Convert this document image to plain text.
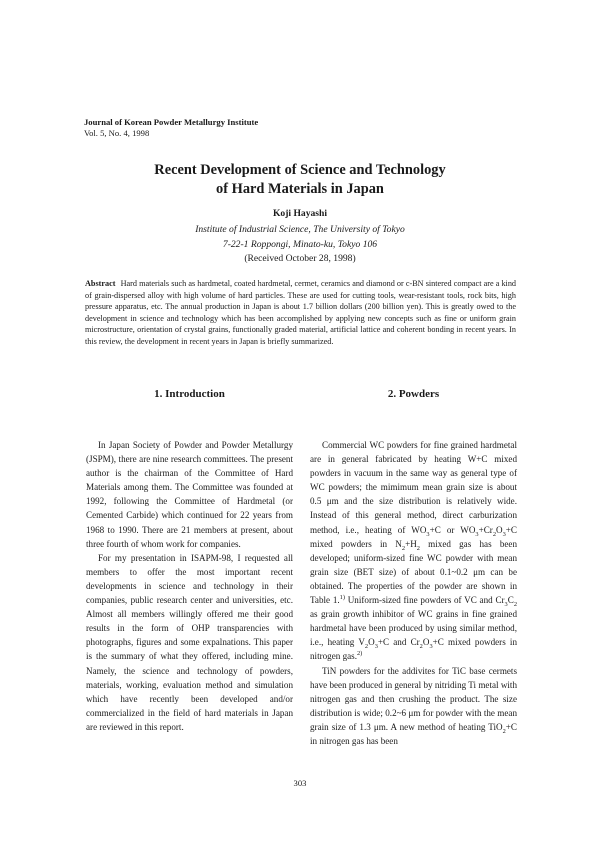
Journal of Korean Powder Metallurgy Institute
Vol. 5, No. 4, 1998
Recent Development of Science and Technology
of Hard Materials in Japan
Koji Hayashi
Institute of Industrial Science, The University of Tokyo
7-22-1 Roppongi, Minato-ku, Tokyo 106
(Received October 28, 1998)
Abstract Hard materials such as hardmetal, coated hardmetal, cermet, ceramics and diamond or c-BN sintered compact are a kind of grain-dispersed alloy with high volume of hard particles. These are used for cutting tools, wear-resistant tools, rock bits, high pressure apparatus, etc. The annual production in Japan is about 1.7 billion dollars (200 billion yen). This is greatly owed to the development in science and technology which has been accomplished by applying new concepts such as fine or uniform grain microstructure, orientation of crystal grains, functionally graded material, artificial lattice and coherent bonding in recent years. In this review, the development in recent years in Japan is briefly summarized.
1. Introduction	2. Powders

In Japan Society of Powder and Powder Metallurgy (JSPM), there are nine research committees. The present author is the chairman of the Committee of Hard Materials among them. The Committee was founded at 1992, following the Committee of Hardmetal (or Cemented Carbide) which continued for 22 years from 1968 to 1990. There are 21 members at present, about three fourth of whom work for companies.

For my presentation in ISAPM-98, I requested all members to offer the most important recent developments in science and technology in their companies, public research center and universities, etc. Almost all members willingly offered me their good results in the form of OHP transparencies with photographs, figures and some expalnations. This paper is the summary of what they offered, including mine. Namely, the science and technology of powders, materials, working, evaluation method and simulation which have recently been developed and/or commercialized in the field of hard materials in Japan are reviewed in this report.

Commercial WC powders for fine grained hardmetal are in general fabricated by heating W+C mixed powders in vacuum in the same way as general type of WC powders; the mimimum mean grain size is about 0.5 μm and the size distribution is relatively wide. Instead of this general method, direct carburization method, i.e., heating of $WO_3+C$ or $WO_3+Cr_2O_3+C$ mixed powders in $N_2+H_2$ mixed gas has been developed; uniform-sized fine WC powder with mean grain size (BET size) of about 0.1~0.2 μm can be obtained. The properties of the powder are shown in Table 1.$^{1)}$ Uniform-sized fine powders of VC and $Cr_3C_2$ as grain growth inhibitor of WC grains in fine grained hardmetal have been produced by using similar method, i.e., heating $V_2O_3+C$ and $Cr_2O_3+C$ mixed powders in nitrogen gas.$^{2)}$

TiN powders for the addivites for TiC base cermets have been produced in general by nitriding Ti metal with nitrogen gas and then crushing the product. The size distribution is wide; 0.2~6 μm for powder with the mean grain size of 1.3 μm. A new method of heating TiO$_2$+C in nitrogen gas has been

303
